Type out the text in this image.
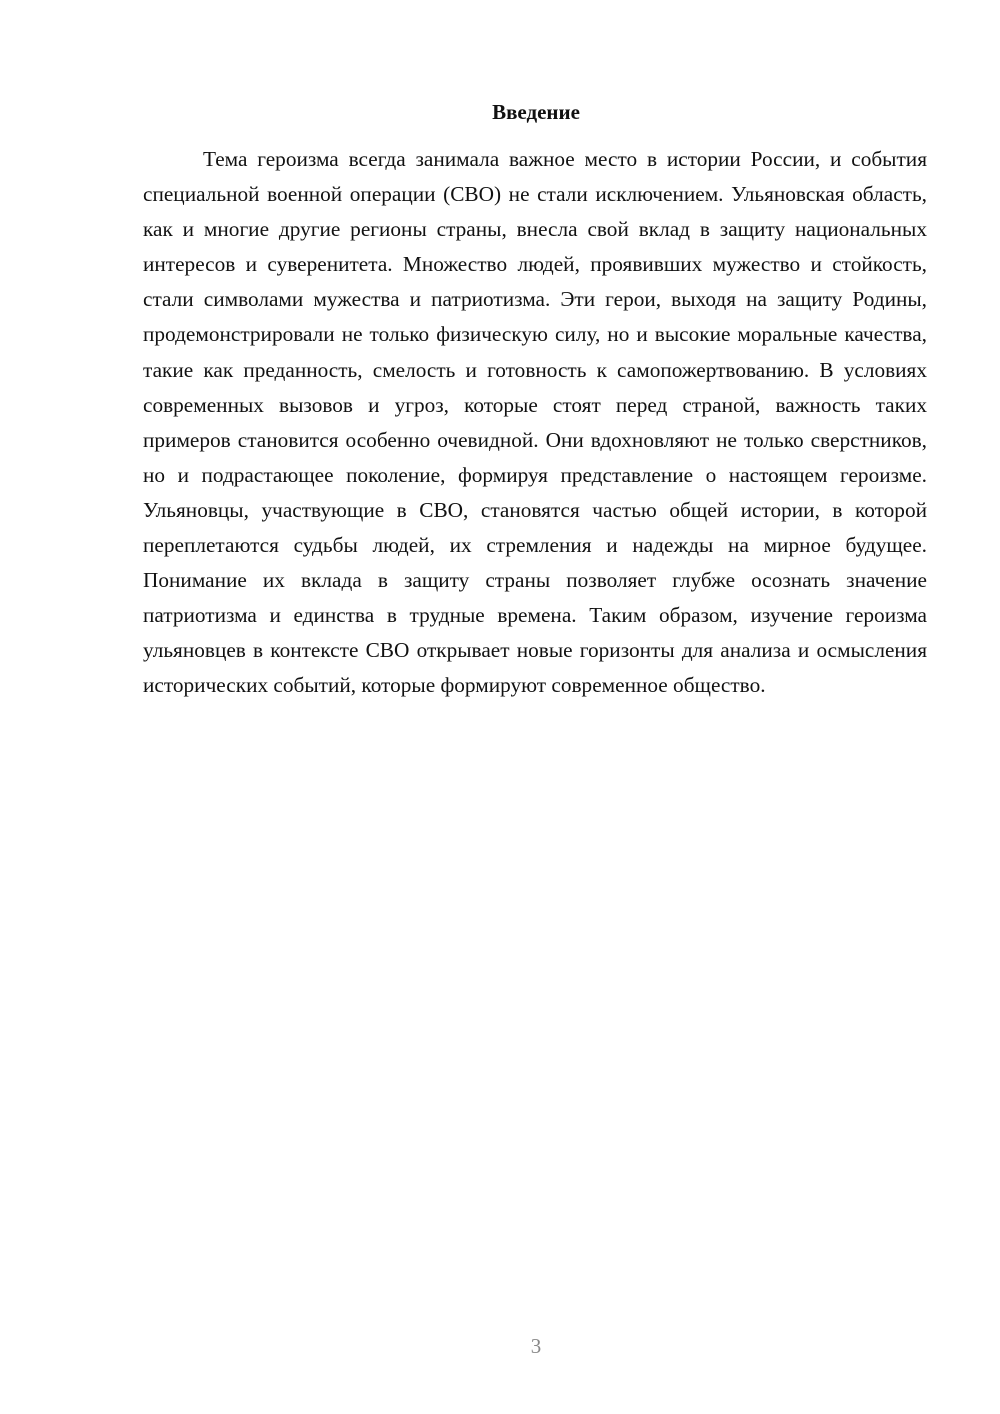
Введение

Тема героизма всегда занимала важное место в истории России, и события специальной военной операции (СВО) не стали исключением. Ульяновская область, как и многие другие регионы страны, внесла свой вклад в защиту национальных интересов и суверенитета. Множество людей, проявивших мужество и стойкость, стали символами мужества и патриотизма. Эти герои, выходя на защиту Родины, продемонстрировали не только физическую силу, но и высокие моральные качества, такие как преданность, смелость и готовность к самопожертвованию. В условиях современных вызовов и угроз, которые стоят перед страной, важность таких примеров становится особенно очевидной. Они вдохновляют не только сверстников, но и подрастающее поколение, формируя представление о настоящем героизме. Ульяновцы, участвующие в СВО, становятся частью общей истории, в которой переплетаются судьбы людей, их стремления и надежды на мирное будущее. Понимание их вклада в защиту страны позволяет глубже осознать значение патриотизма и единства в трудные времена. Таким образом, изучение героизма ульяновцев в контексте СВО открывает новые горизонты для анализа и осмысления исторических событий, которые формируют современное общество.

3
